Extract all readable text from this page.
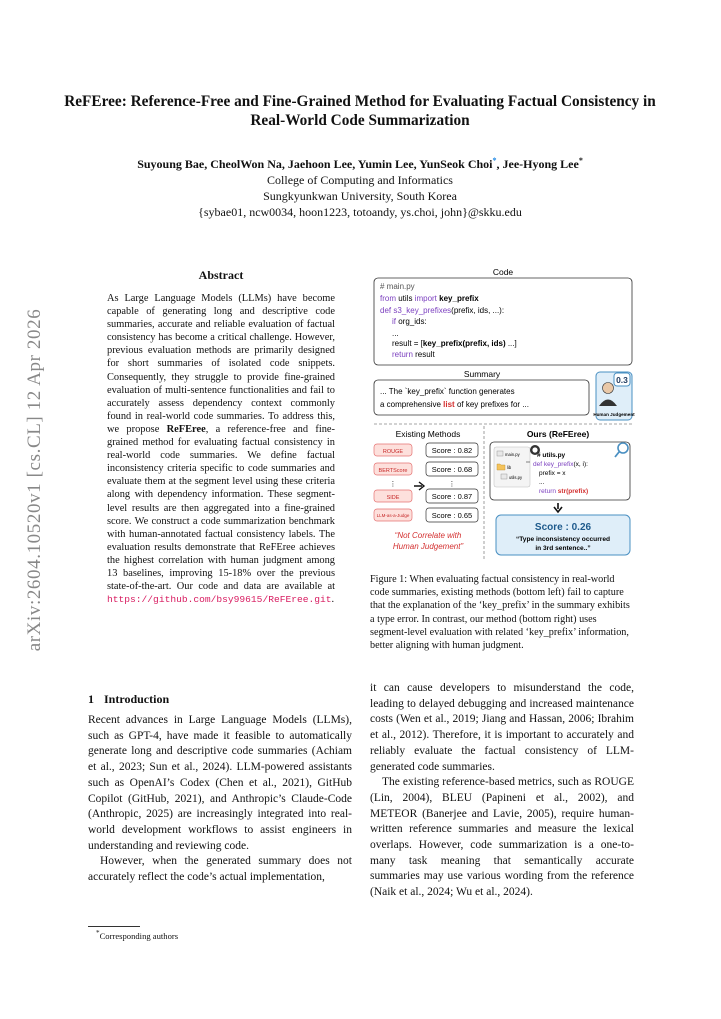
arXiv:2604.10520v1 [cs.CL] 12 Apr 2026
ReFEree: Reference-Free and Fine-Grained Method for Evaluating Factual Consistency in Real-World Code Summarization
Suyoung Bae, CheolWon Na, Jaehoon Lee, Yumin Lee, YunSeok Choi*, Jee-Hyong Lee*
College of Computing and Informatics
Sungkyunkwan University, South Korea
{sybae01, ncw0034, hoon1223, totoandy, ys.choi, john}@skku.edu
Abstract
As Large Language Models (LLMs) have become capable of generating long and descriptive code summaries, accurate and reliable evaluation of factual consistency has become a critical challenge. However, previous evaluation methods are primarily designed for short summaries of isolated code snippets. Consequently, they struggle to provide fine-grained evaluation of multi-sentence functionalities and fail to accurately assess dependency context commonly found in real-world code summaries. To address this, we propose ReFEree, a reference-free and fine-grained method for evaluating factual consistency in real-world code summaries. We define factual inconsistency criteria specific to code summaries and evaluate them at the segment level using these criteria along with dependency information. These segment-level results are then aggregated into a fine-grained score. We construct a code summarization benchmark with human-annotated factual consistency labels. The evaluation results demonstrate that ReFEree achieves the highest correlation with human judgment among 13 baselines, improving 15-18% over the previous state-of-the-art. Our code and data are available at https://github.com/bsy99615/ReFEree.git.
Code
# main.py
from utils import key_prefix
def s3_key_prefixes(prefix, ids, ...):
if org_ids:
...
result = [key_prefix(prefix, ids) ...]
return result
Summary
... The `key_prefix` function generates
a comprehensive list of key prefixes for ...
0.3
Human Judgement
Existing Methods	Ours (ReFEree)
ROUGE	Score : 0.82
BERTScore	Score : 0.68
⋮	⋮
SIDE	Score : 0.87
LLM-as-a-Judge	Score : 0.65
“Not Correlate with
Human Judgement”
main.py
lib
utils.py
# utils.py
def key_prefix(x, i):
prefix = x
...
return str(prefix)
Score : 0.26
“Type inconsistency occurred
in 3rd sentence..”
Figure 1: When evaluating factual consistency in real-world code summaries, existing methods (bottom left) fail to capture that the explanation of the ‘key_prefix’ in the summary exhibits a type error. In contrast, our method (bottom right) uses segment-level evaluation with related ‘key_prefix’ information, better aligning with human judgment.
1 Introduction

Recent advances in Large Language Models (LLMs), such as GPT-4, have made it feasible to automatically generate long and descriptive code summaries (Achiam et al., 2023; Sun et al., 2024). LLM-powered assistants such as OpenAI’s Codex (Chen et al., 2021), GitHub Copilot (GitHub, 2021), and Anthropic’s Claude-Code (Anthropic, 2025) are increasingly integrated into real-world development workflows to assist engineers in understanding and reviewing code.

However, when the generated summary does not accurately reflect the code’s actual implementation,

it can cause developers to misunderstand the code, leading to delayed debugging and increased maintenance costs (Wen et al., 2019; Jiang and Hassan, 2006; Ibrahim et al., 2012). Therefore, it is important to accurately and reliably evaluate the factual consistency of LLM-generated code summaries.

The existing reference-based metrics, such as ROUGE (Lin, 2004), BLEU (Papineni et al., 2002), and METEOR (Banerjee and Lavie, 2005), require human-written reference summaries and measure the lexical overlaps. However, code summarization is a one-to-many task meaning that semantically accurate summaries may use various wording from the reference (Naik et al., 2024; Wu et al., 2024).

*Corresponding authors
